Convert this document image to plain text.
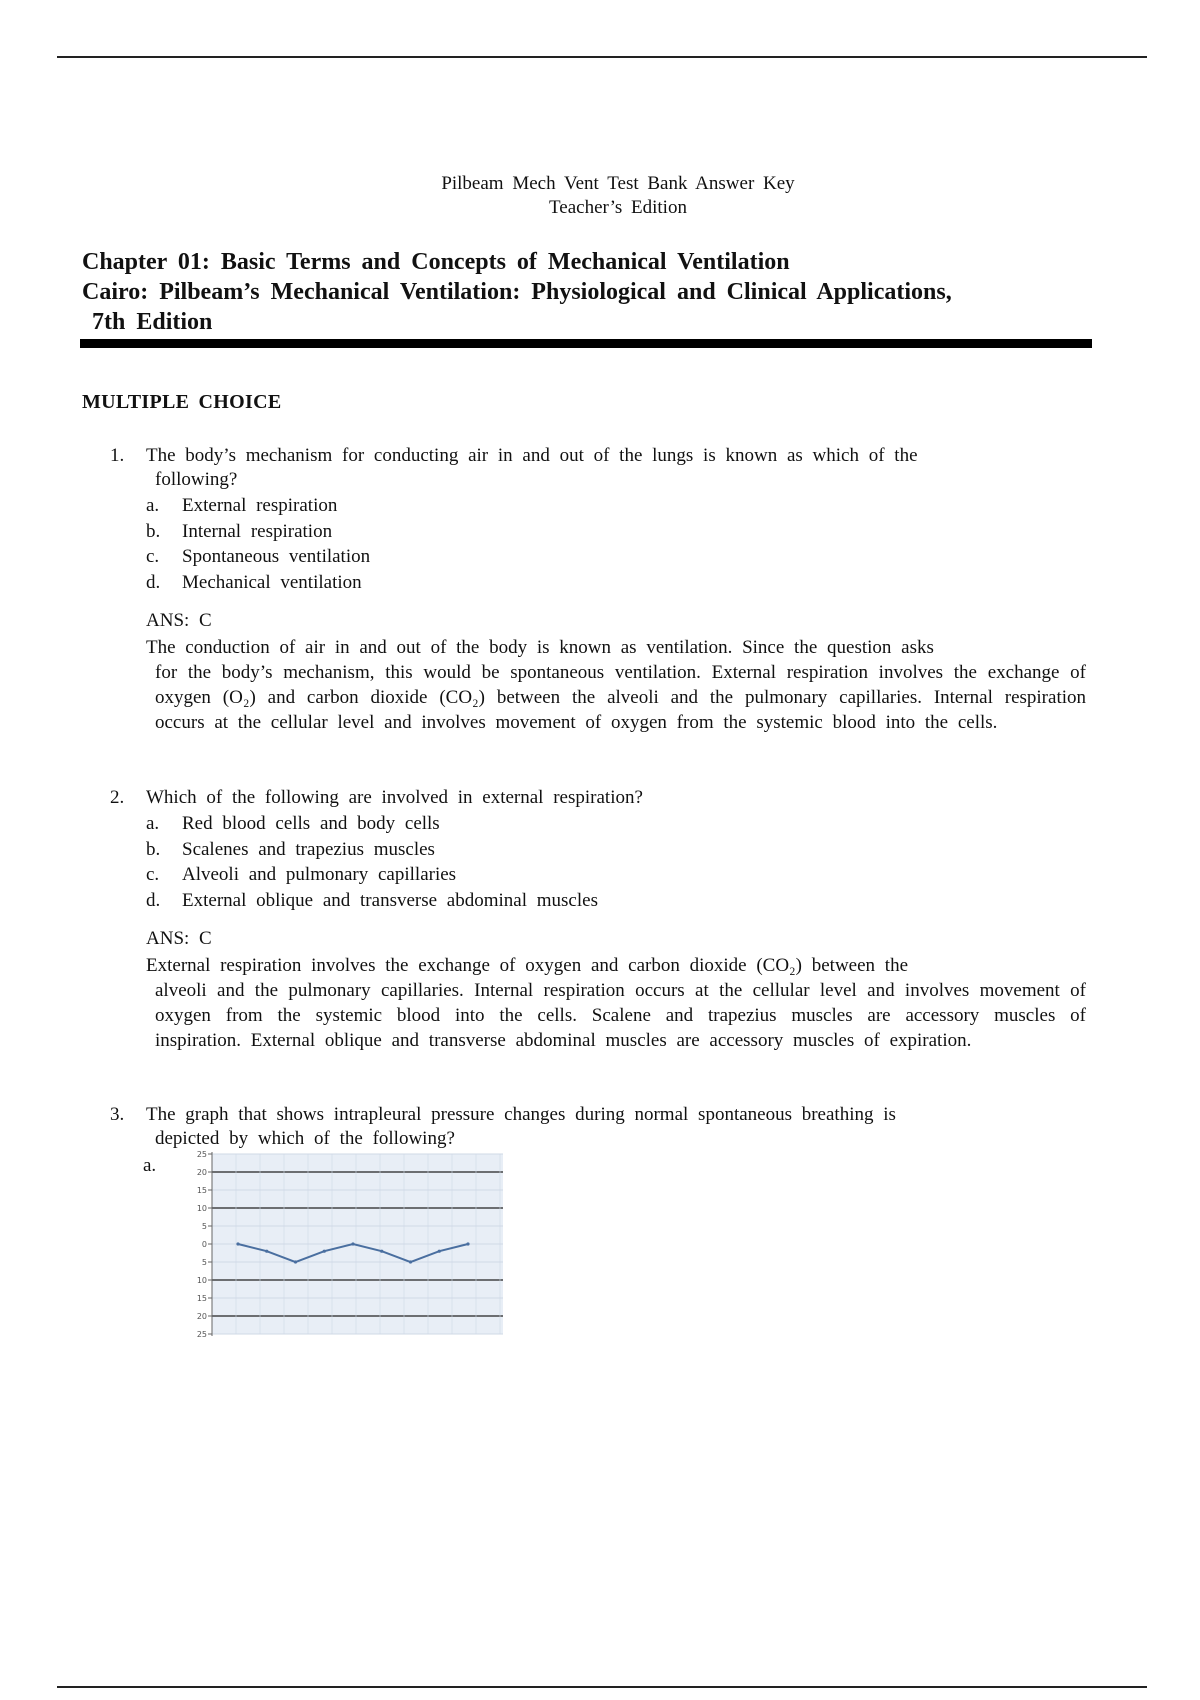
Pilbeam Mech Vent Test Bank Answer Key
Teacher’s Edition
Chapter 01: Basic Terms and Concepts of Mechanical Ventilation
Cairo: Pilbeam’s Mechanical Ventilation: Physiological and Clinical Applications,
7th Edition
MULTIPLE CHOICE
1.	The body’s mechanism for conducting air in and out of the lungs is known as which of the
following?
a.	External respiration
b.	Internal respiration
c.	Spontaneous ventilation
d.	Mechanical ventilation
ANS: C
The conduction of air in and out of the body is known as ventilation. Since the question asks
for the body’s mechanism, this would be spontaneous ventilation. External respiration involves the exchange of oxygen (O₂) and carbon dioxide (CO₂) between the alveoli and the pulmonary capillaries. Internal respiration occurs at the cellular level and involves movement of oxygen from the systemic blood into the cells.
2.	Which of the following are involved in external respiration?
a.	Red blood cells and body cells
b.	Scalenes and trapezius muscles
c.	Alveoli and pulmonary capillaries
d.	External oblique and transverse abdominal muscles
ANS: C
External respiration involves the exchange of oxygen and carbon dioxide (CO₂) between the
alveoli and the pulmonary capillaries. Internal respiration occurs at the cellular level and involves movement of oxygen from the systemic blood into the cells. Scalene and trapezius muscles are accessory muscles of inspiration. External oblique and transverse abdominal muscles are accessory muscles of expiration.
3.	The graph that shows intrapleural pressure changes during normal spontaneous breathing is
depicted by which of the following?
a.
25
20
15
10
5
0
5
10
15
20
25
